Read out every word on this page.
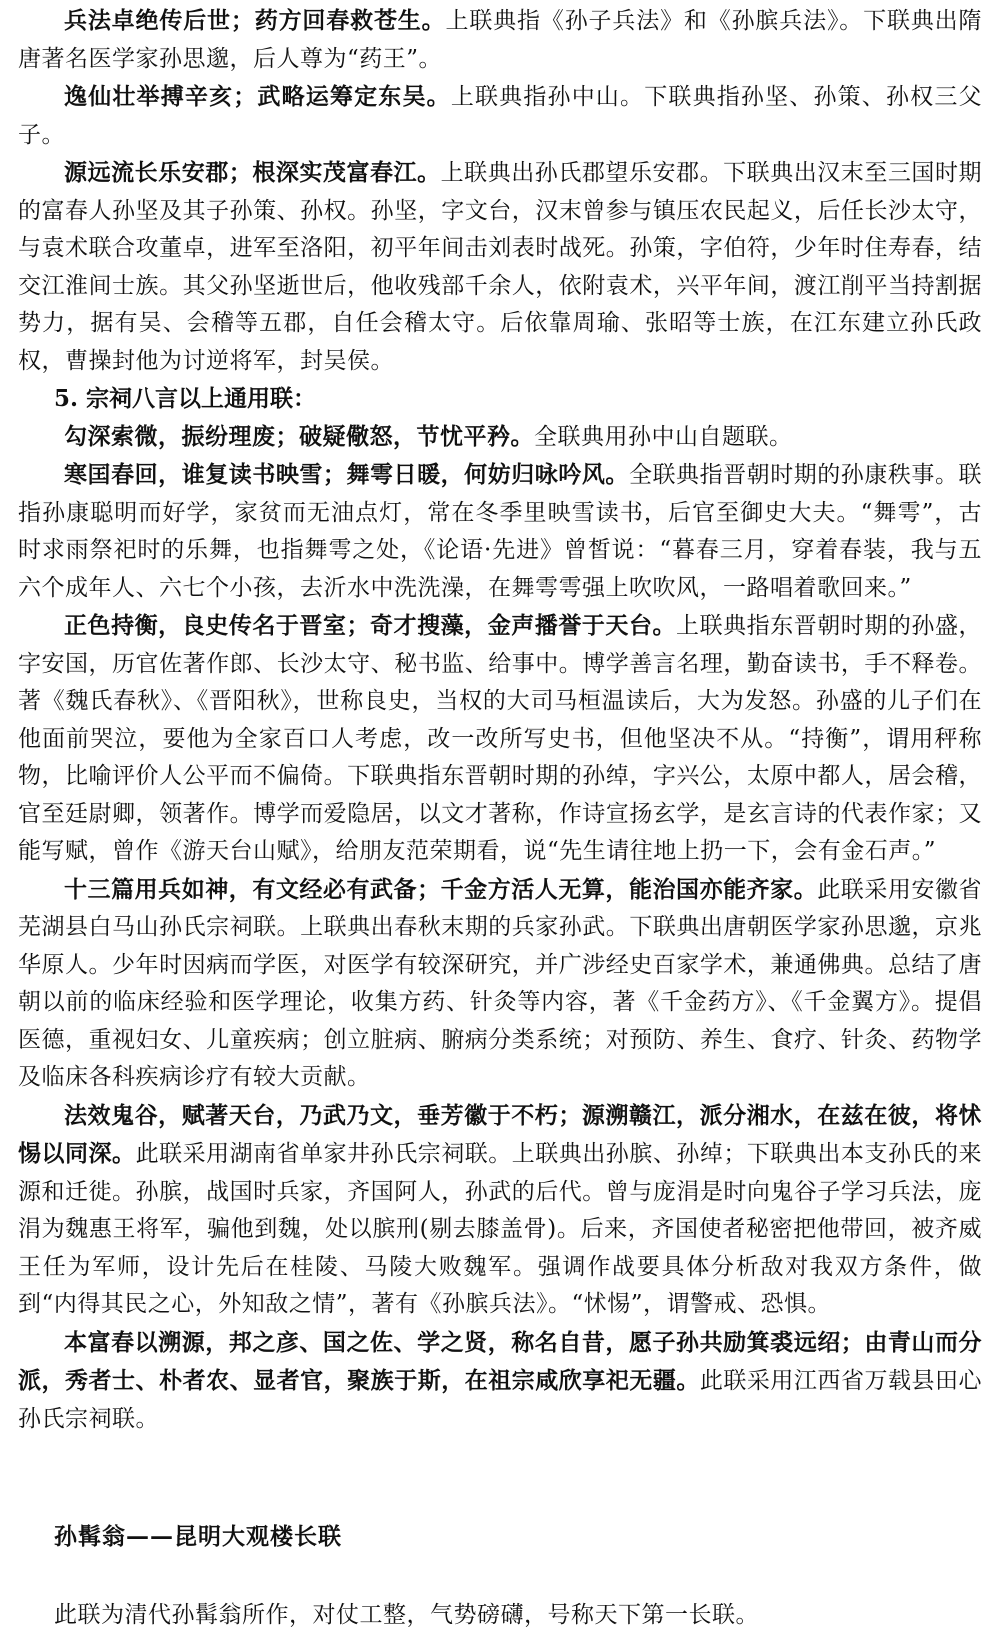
兵法卓绝传后世；药方回春救苍生。上联典指《孙子兵法》和《孙膑兵法》。下联典出隋唐著名医学家孙思邈，后人尊为“药王”。

逸仙壮举搏辛亥；武略运筹定东吴。上联典指孙中山。下联典指孙坚、孙策、孙权三父子。

源远流长乐安郡；根深实茂富春江。上联典出孙氏郡望乐安郡。下联典出汉末至三国时期的富春人孙坚及其子孙策、孙权。孙坚，字文台，汉末曾参与镇压农民起义，后任长沙太守，与袁术联合攻董卓，进军至洛阳，初平年间击刘表时战死。孙策，字伯符，少年时住寿春，结交江淮间士族。其父孙坚逝世后，他收残部千余人，依附袁术，兴平年间，渡江削平当持割据势力，据有吴、会稽等五郡，自任会稽太守。后依靠周瑜、张昭等士族，在江东建立孙氏政权，曹操封他为讨逆将军，封吴侯。

5. 宗祠八言以上通用联：

勾深索微，振纷理废；破疑儆怒，节忧平矜。全联典用孙中山自题联。

寒囯春回，谁复读书映雪；舞雩日暖，何妨归咏吟风。全联典指晋朝时期的孙康秩事。联指孙康聪明而好学，家贫而无油点灯，常在冬季里映雪读书，后官至御史大夫。“舞雩”，古时求雨祭祀时的乐舞，也指舞雩之处，《论语·先进》曾皙说：“暮春三月，穿着春装，我与五六个成年人、六七个小孩，去沂水中洗洗澡，在舞雩雩强上吹吹风，一路唱着歌回来。”

正色持衡，良史传名于晋室；奇才搜藻，金声播誉于天台。上联典指东晋朝时期的孙盛，字安国，历官佐著作郎、长沙太守、秘书监、给事中。博学善言名理，勤奋读书，手不释卷。著《魏氏春秋》、《晋阳秋》，世称良史，当权的大司马桓温读后，大为发怒。孙盛的儿子们在他面前哭泣，要他为全家百口人考虑，改一改所写史书，但他坚决不从。“持衡”，谓用秤称物，比喻评价人公平而不偏倚。下联典指东晋朝时期的孙绰，字兴公，太原中都人，居会稽，官至廷尉卿，领著作。博学而爱隐居，以文才著称，作诗宣扬玄学，是玄言诗的代表作家；又能写赋，曾作《游天台山赋》，给朋友范荣期看，说“先生请往地上扔一下，会有金石声。”

十三篇用兵如神，有文经必有武备；千金方活人无算，能治国亦能齐家。此联采用安徽省芜湖县白马山孙氏宗祠联。上联典出春秋末期的兵家孙武。下联典出唐朝医学家孙思邈，京兆华原人。少年时因病而学医，对医学有较深研究，并广涉经史百家学术，兼通佛典。总结了唐朝以前的临床经验和医学理论，收集方药、针灸等内容，著《千金药方》、《千金翼方》。提倡医德，重视妇女、儿童疾病；创立脏病、腑病分类系统；对预防、养生、食疗、针灸、药物学及临床各科疾病诊疗有较大贡献。

法效鬼谷，赋著天台，乃武乃文，垂芳徽于不朽；源溯赣江，派分湘水，在兹在彼，将怵惕以同深。此联采用湖南省单家井孙氏宗祠联。上联典出孙膑、孙绰；下联典出本支孙氏的来源和迁徙。孙膑，战国时兵家，齐国阿人，孙武的后代。曾与庞涓是时向鬼谷子学习兵法，庞涓为魏惠王将军，骗他到魏，处以膑刑(剔去膝盖骨)。后来，齐国使者秘密把他带回，被齐威王任为军师，设计先后在桂陵、马陵大败魏军。强调作战要具体分析敌对我双方条件，做到“内得其民之心，外知敌之情”，著有《孙膑兵法》。“怵惕”，谓警戒、恐惧。

本富春以溯源，邦之彦、国之佐、学之贤，称名自昔，愿子孙共励箕裘远绍；由青山而分派，秀者士、朴者农、显者官，聚族于斯，在祖宗咸欣享祀无疆。此联采用江西省万载县田心孙氏宗祠联。

孙髯翁——昆明大观楼长联

此联为清代孙髯翁所作，对仗工整，气势磅礴，号称天下第一长联。
